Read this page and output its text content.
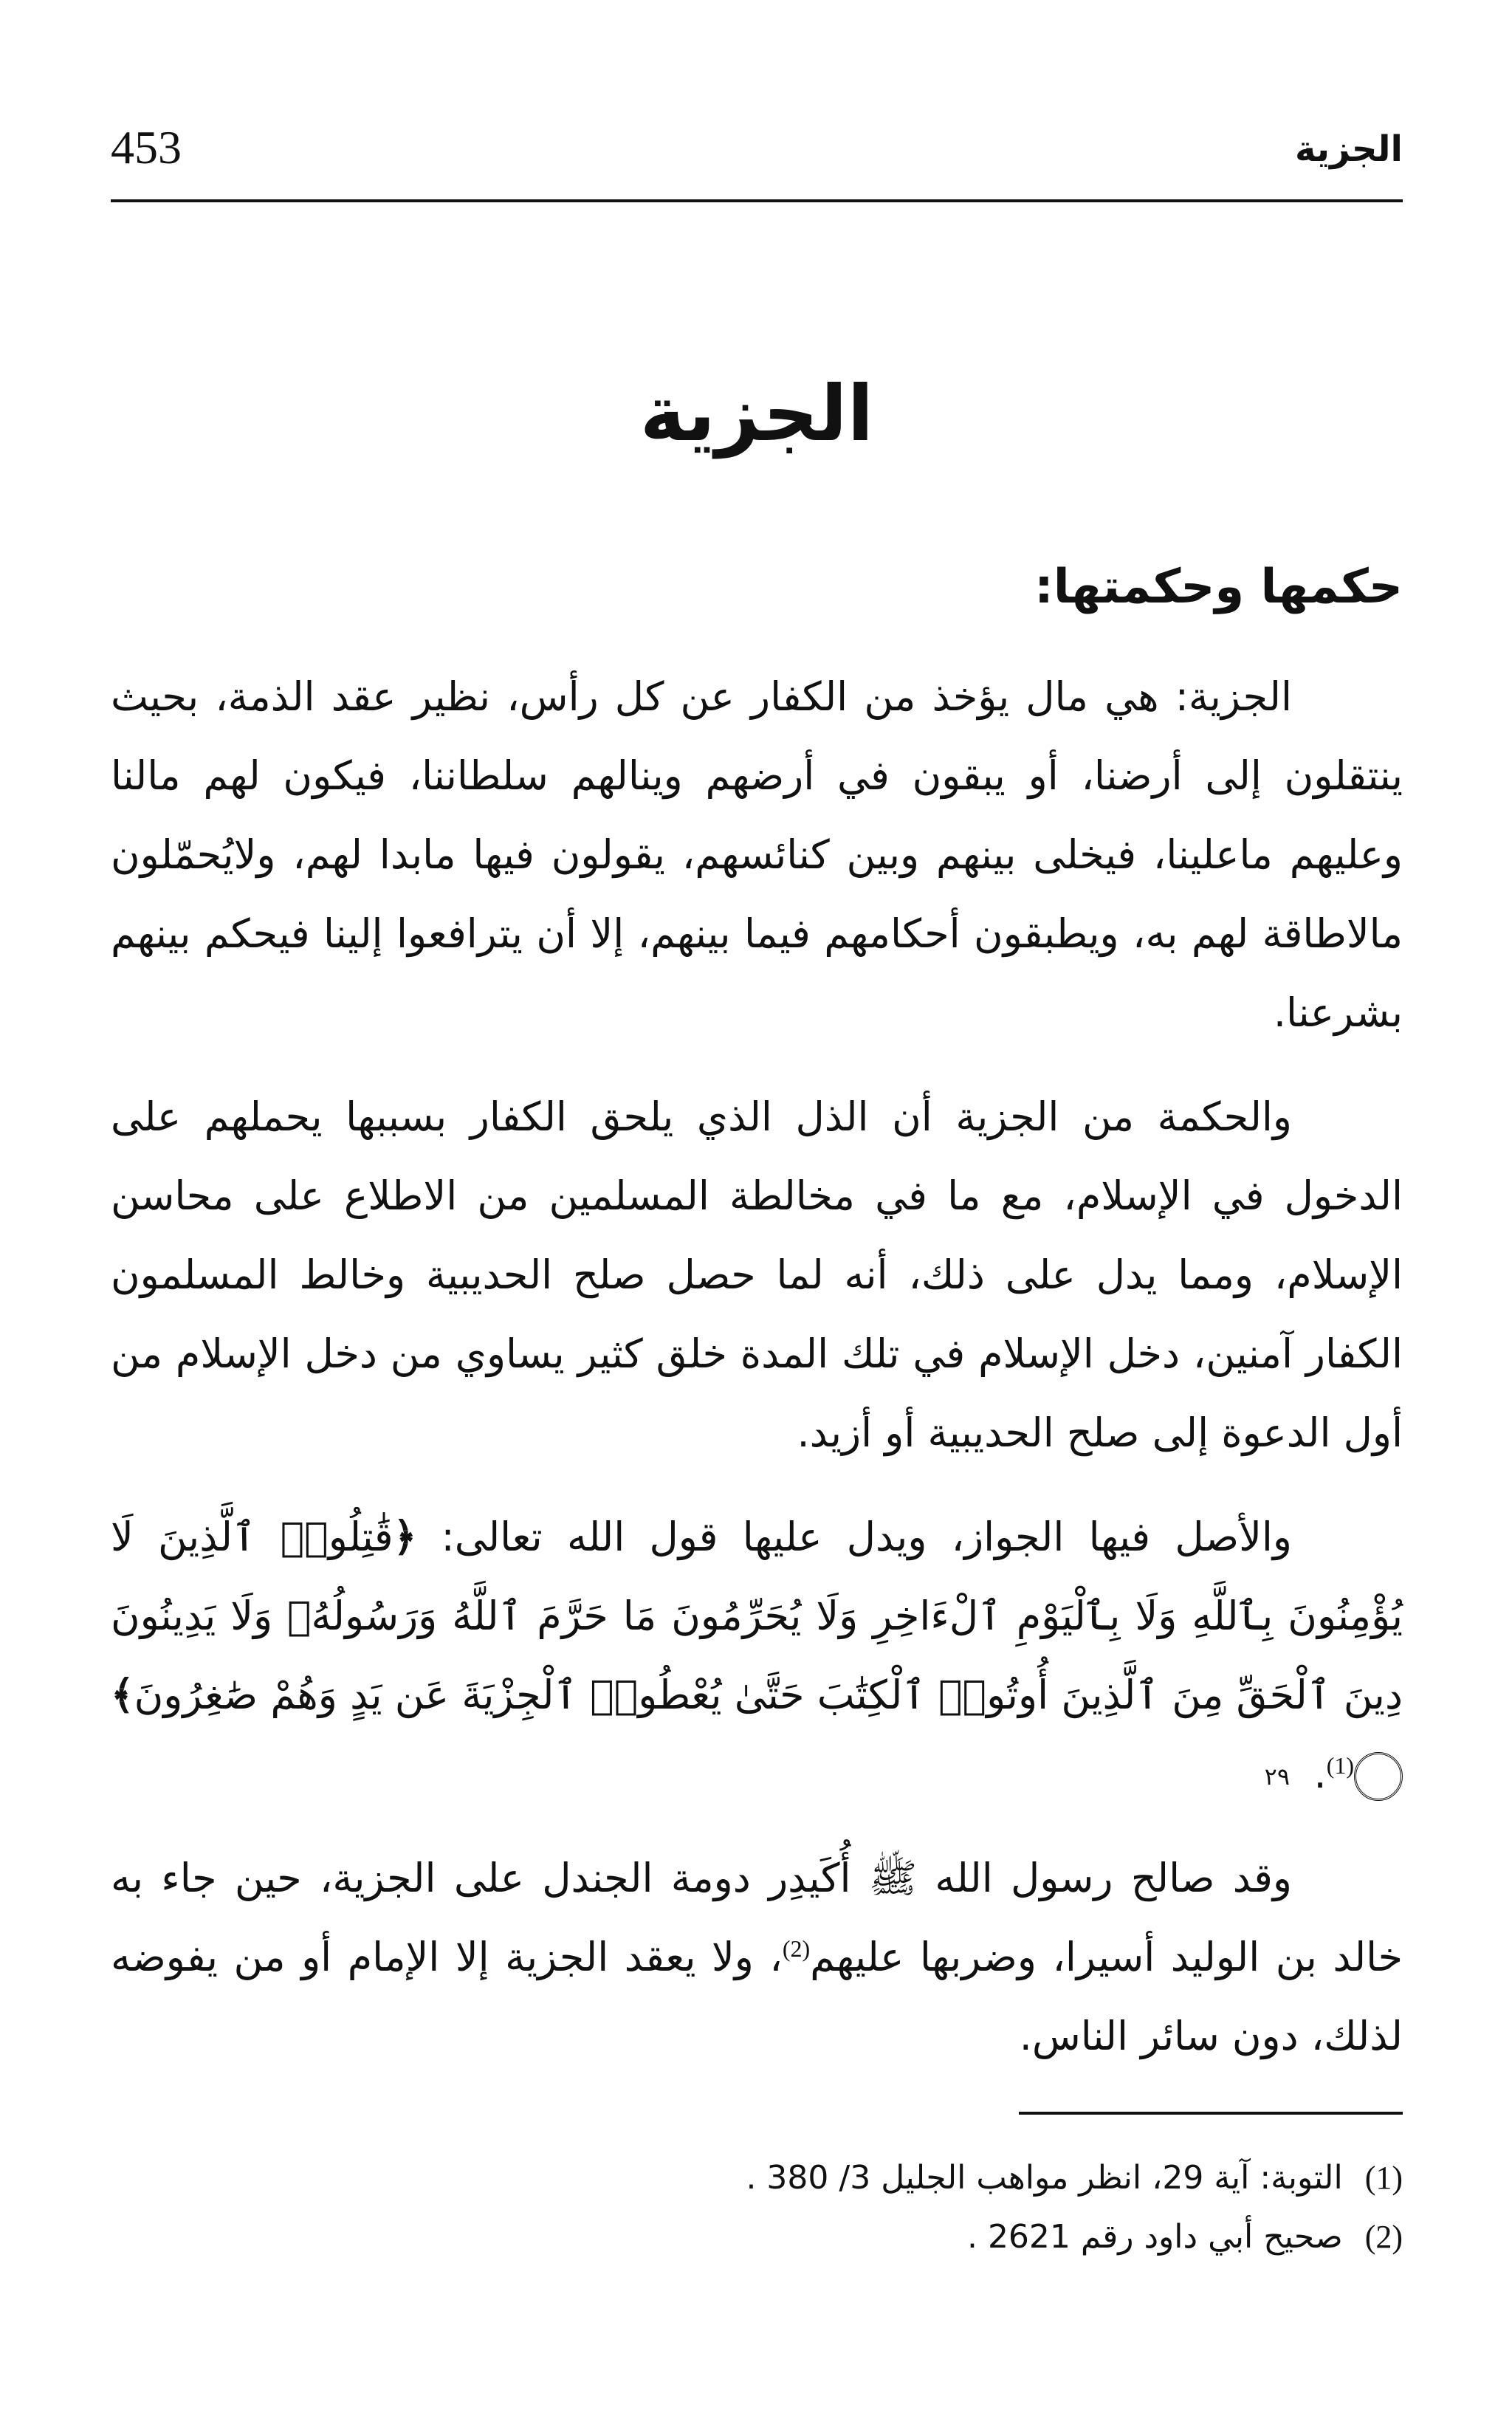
453	الجزية
الجزية
حكمها وحكمتها:

الجزية: هي مال يؤخذ من الكفار عن كل رأس، نظير عقد الذمة، بحيث ينتقلون إلى أرضنا، أو يبقون في أرضهم وينالهم سلطاننا، فيكون لهم مالنا وعليهم ماعلينا، فيخلى بينهم وبين كنائسهم، يقولون فيها مابدا لهم، ولايُحمّلون مالاطاقة لهم به، ويطبقون أحكامهم فيما بينهم، إلا أن يترافعوا إلينا فيحكم بينهم بشرعنا.

والحكمة من الجزية أن الذل الذي يلحق الكفار بسببها يحملهم على الدخول في الإسلام، مع ما في مخالطة المسلمين من الاطلاع على محاسن الإسلام، ومما يدل على ذلك، أنه لما حصل صلح الحديبية وخالط المسلمون الكفار آمنين، دخل الإسلام في تلك المدة خلق كثير يساوي من دخل الإسلام من أول الدعوة إلى صلح الحديبية أو أزيد.

والأصل فيها الجواز، ويدل عليها قول الله تعالى: ﴿قَٰتِلُوا۟ ٱلَّذِينَ لَا يُؤْمِنُونَ بِٱللَّهِ وَلَا بِٱلْيَوْمِ ٱلْءَاخِرِ وَلَا يُحَرِّمُونَ مَا حَرَّمَ ٱللَّهُ وَرَسُولُهُۥ وَلَا يَدِينُونَ دِينَ ٱلْحَقِّ مِنَ ٱلَّذِينَ أُوتُوا۟ ٱلْكِتَٰبَ حَتَّىٰ يُعْطُوا۟ ٱلْجِزْيَةَ عَن يَدٍ وَهُمْ صَٰغِرُونَ﴾٢٩ $^{(1)}$.

وقد صالح رسول الله ﷺ أُكَيدِر دومة الجندل على الجزية، حين جاء به خالد بن الوليد أسيرا، وضربها عليهم$^{(2)}$، ولا يعقد الجزية إلا الإمام أو من يفوضه لذلك، دون سائر الناس.

(1)
التوبة: آية 29، انظر مواهب الجليل 3/ 380 .
(2)
صحيح أبي داود رقم 2621 .
